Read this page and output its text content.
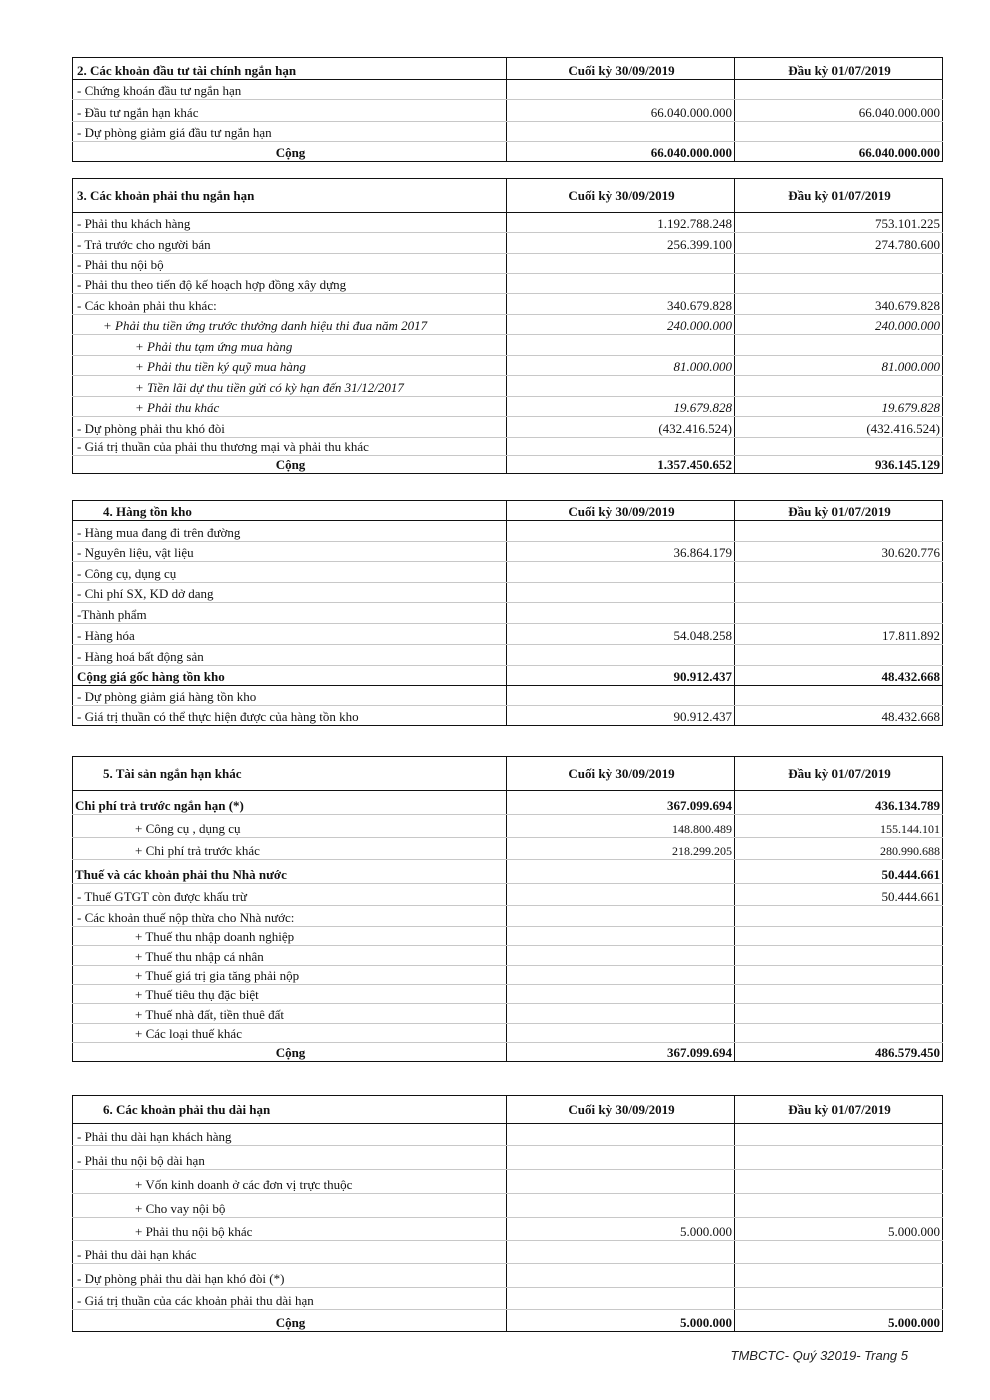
2. Các khoản đầu tư tài chính ngắn hạn	Cuối kỳ 30/09/2019	Đầu kỳ 01/07/2019
- Chứng khoán đầu tư ngắn hạn		
- Đầu tư ngắn hạn khác	66.040.000.000	66.040.000.000
- Dự phòng giảm giá đầu tư ngắn hạn		
Cộng	66.040.000.000	66.040.000.000
3. Các khoản phải thu ngắn hạn	Cuối kỳ 30/09/2019	Đầu kỳ 01/07/2019
- Phải thu khách hàng	1.192.788.248	753.101.225
- Trả trước cho người bán	256.399.100	274.780.600
- Phải thu nội bộ		
- Phải thu theo tiến độ kế hoạch hợp đồng xây dựng		
- Các khoản phải thu khác:	340.679.828	340.679.828
+ Phải thu tiền ứng trước thưởng danh hiệu thi đua năm 2017	240.000.000	240.000.000
+ Phải thu tạm ứng mua hàng		
+ Phải thu tiền ký quỹ mua hàng	81.000.000	81.000.000
+ Tiền lãi dự thu tiền gửi có kỳ hạn đến 31/12/2017		
+ Phải thu khác	19.679.828	19.679.828
- Dự phòng phải thu khó đòi	(432.416.524)	(432.416.524)
- Giá trị thuần của phải thu thương mại và phải thu khác		
Cộng	1.357.450.652	936.145.129
4. Hàng tồn kho	Cuối kỳ 30/09/2019	Đầu kỳ 01/07/2019
- Hàng mua đang đi trên đường		
- Nguyên liệu, vật liệu	36.864.179	30.620.776
- Công cụ, dụng cụ		
- Chi phí SX, KD dở dang		
-Thành phẩm		
- Hàng hóa	54.048.258	17.811.892
- Hàng hoá bất động sản		
Cộng giá gốc hàng tồn kho	90.912.437	48.432.668
- Dự phòng giảm giá hàng tồn kho		
- Giá trị thuần có thể thực hiện được của hàng tồn kho	90.912.437	48.432.668
5. Tài sản ngắn hạn khác	Cuối kỳ 30/09/2019	Đầu kỳ 01/07/2019
Chi phí trả trước ngắn hạn (*)	367.099.694	436.134.789
+ Công cụ , dụng cụ	148.800.489	155.144.101
+ Chi phí trả trước khác	218.299.205	280.990.688
Thuế và các khoản phải thu Nhà nước		50.444.661
- Thuế GTGT còn được khấu trừ		50.444.661
- Các khoản thuế nộp thừa cho Nhà nước:		
+ Thuế thu nhập doanh nghiệp		
+ Thuế thu nhập cá nhân		
+ Thuế giá trị gia tăng phải nộp		
+ Thuế tiêu thụ đặc biệt		
+ Thuế nhà đất, tiền thuê đất		
+ Các loại thuế khác		
Cộng	367.099.694	486.579.450
6. Các khoản phải thu dài hạn	Cuối kỳ 30/09/2019	Đầu kỳ 01/07/2019
- Phải thu dài hạn khách hàng		
- Phải thu nội bộ dài hạn		
+ Vốn kinh doanh ở các đơn vị trực thuộc		
+ Cho vay nội bộ		
+ Phải thu nội bộ khác	5.000.000	5.000.000
- Phải thu dài hạn khác		
- Dự phòng phải thu dài hạn khó đòi (*)		
- Giá trị thuần của các khoản phải thu dài hạn		
Cộng	5.000.000	5.000.000
TMBCTC- Quý 32019- Trang 5
